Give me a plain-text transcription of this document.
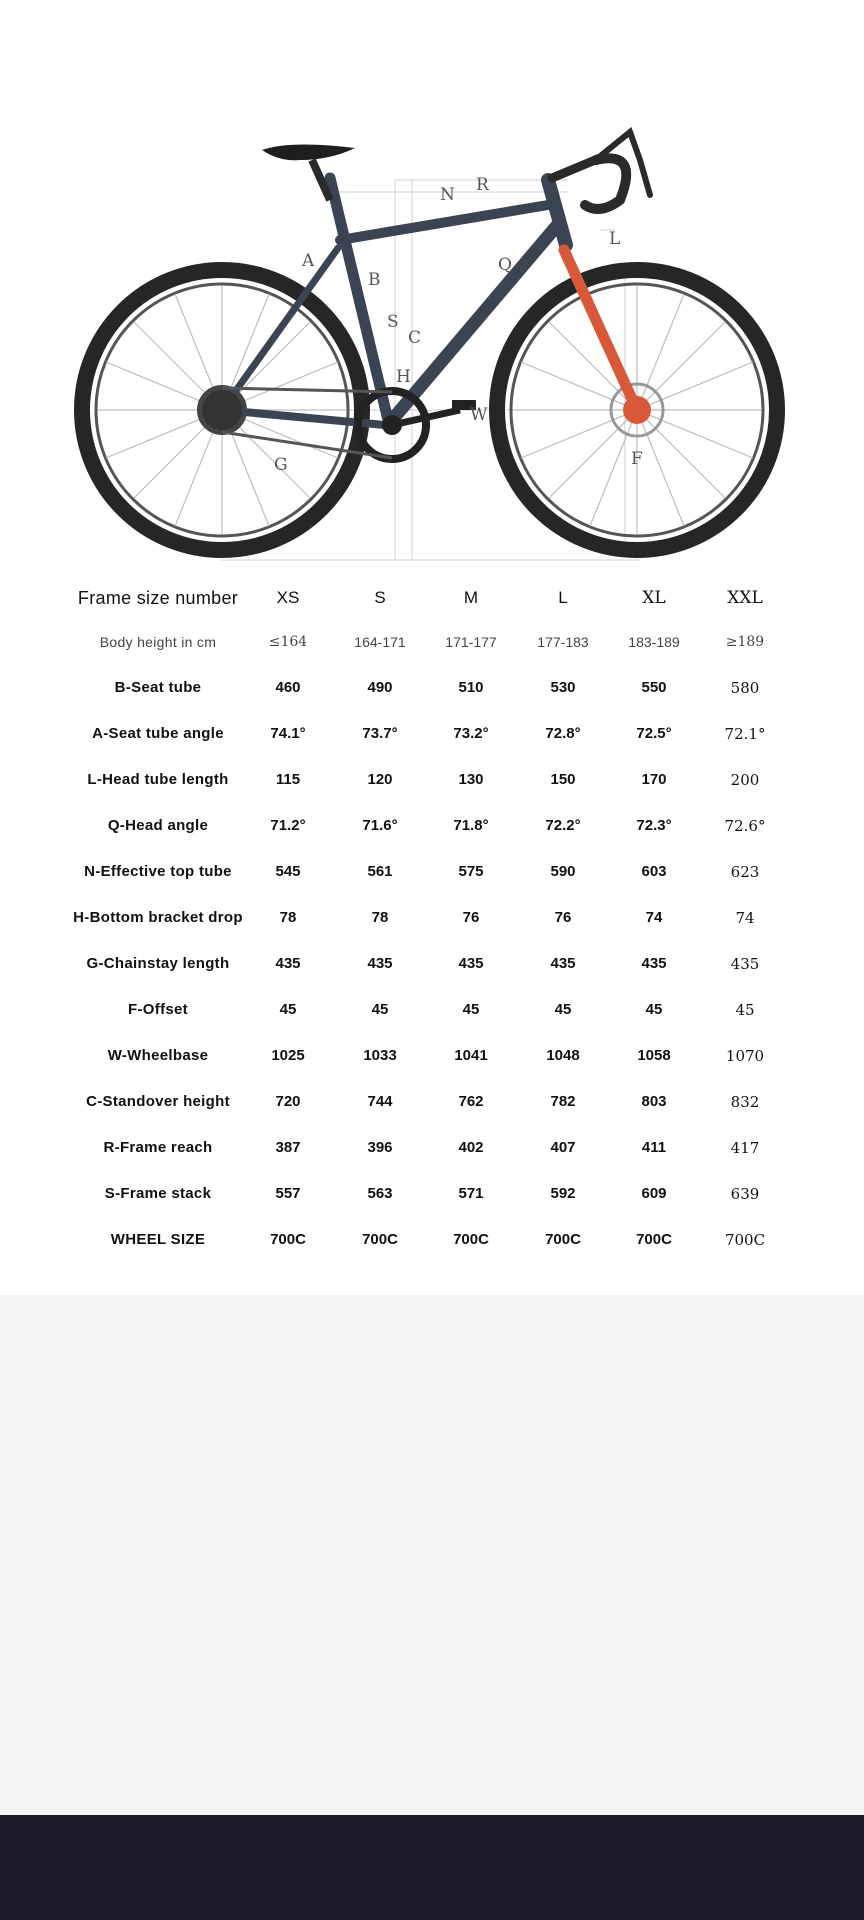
N R
A
B
L
Q
S
C
H
W
G	F
Frame size number	XS	S	M	L	XL	XXL
Body height in cm	≤164	164-171	171-177	177-183	183-189	≥189
B-Seat tube	460	490	510	530	550	580
A-Seat tube angle	74.1°	73.7°	73.2°	72.8°	72.5°	72.1°
L-Head tube length	115	120	130	150	170	200
Q-Head angle	71.2°	71.6°	71.8°	72.2°	72.3°	72.6°
N-Effective top tube	545	561	575	590	603	623
H-Bottom bracket drop	78	78	76	76	74	74
G-Chainstay length	435	435	435	435	435	435
F-Offset	45	45	45	45	45	45
W-Wheelbase	1025	1033	1041	1048	1058	1070
C-Standover height	720	744	762	782	803	832
R-Frame reach	387	396	402	407	411	417
S-Frame stack	557	563	571	592	609	639
WHEEL SIZE	700C	700C	700C	700C	700C	700C
